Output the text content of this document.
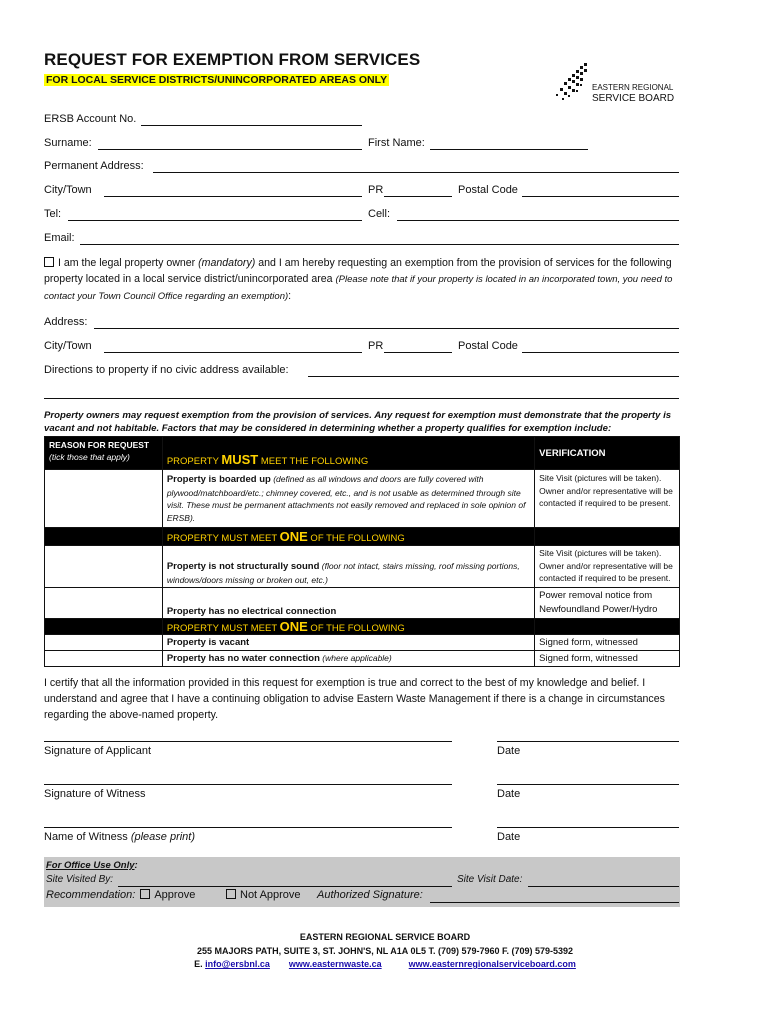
REQUEST FOR EXEMPTION FROM SERVICES
FOR LOCAL SERVICE DISTRICTS/UNINCORPORATED AREAS ONLY
EASTERN REGIONAL
SERVICE BOARD
ERSB Account No.
Surname:	First Name:
Permanent Address:
City/Town	PR	Postal Code
Tel:	Cell:
Email:
I am the legal property owner (mandatory) and I am hereby requesting an exemption from the provision of services for the following property located in a local service district/unincorporated area (Please note that if your property is located in an incorporated town, you need to contact your Town Council Office regarding an exemption):
Address:
City/Town	PR	Postal Code
Directions to property if no civic address available:
Property owners may request exemption from the provision of services. Any request for exemption must demonstrate that the property is vacant and not habitable. Factors that may be considered in determining whether a property qualifies for exemption include:
REASON FOR REQUEST
(tick those that apply)	PROPERTY MUST MEET THE FOLLOWING	VERIFICATION
	Property is boarded up (defined as all windows and doors are fully covered with plywood/matchboard/etc.; chimney covered, etc., and is not usable as determined through site visit. These must be permanent attachments not easily removed and replaced in sole opinion of ERSB).	Site Visit (pictures will be taken). Owner and/or representative will be contacted if required to be present.
	PROPERTY MUST MEET ONE OF THE FOLLOWING	
	Property is not structurally sound (floor not intact, stairs missing, roof missing portions, windows/doors missing or broken out, etc.)	Site Visit (pictures will be taken). Owner and/or representative will be contacted if required to be present.
	Property has no electrical connection	Power removal notice from Newfoundland Power/Hydro
	PROPERTY MUST MEET ONE OF THE FOLLOWING	
	Property is vacant	Signed form, witnessed
	Property has no water connection (where applicable)	Signed form, witnessed
I certify that all the information provided in this request for exemption is true and correct to the best of my knowledge and belief. I understand and agree that I have a continuing obligation to advise Eastern Waste Management if there is a change in circumstances regarding the above-named property.
Signature of Applicant	Date
Signature of Witness	Date
Name of Witness (please print)	Date
For Office Use Only:
Site Visited By:	Site Visit Date:
Recommendation: Approve	Not Approve Authorized Signature:
EASTERN REGIONAL SERVICE BOARD
255 MAJORS PATH, SUITE 3, ST. JOHN'S, NL A1A 0L5 T. (709) 579-7960 F. (709) 579-5392
E. info@ersbnl.ca www.easternwaste.ca	www.easternregionalserviceboard.com
